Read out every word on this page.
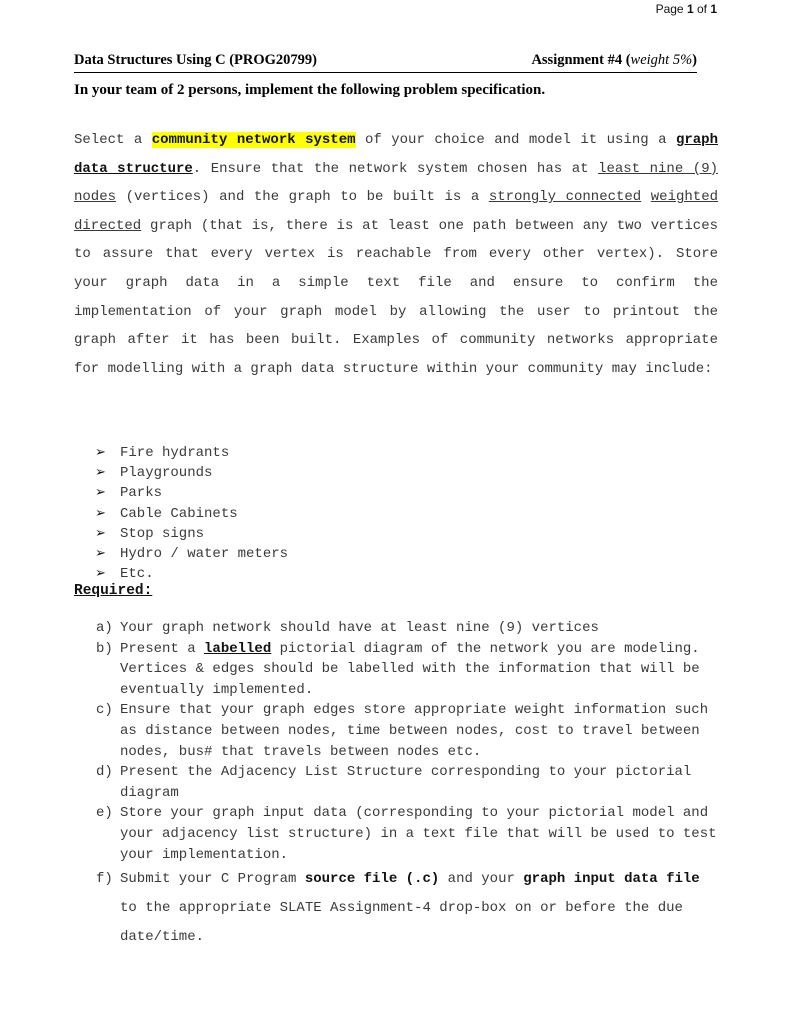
Page 1 of 1
Data Structures Using C (PROG20799)	Assignment #4 (weight 5%)
In your team of 2 persons, implement the following problem specification.
Select a community network system of your choice and model it using a graph data structure. Ensure that the network system chosen has at least nine (9) nodes (vertices) and the graph to be built is a strongly connected weighted directed graph (that is, there is at least one path between any two vertices to assure that every vertex is reachable from every other vertex). Store your graph data in a simple text file and ensure to confirm the implementation of your graph model by allowing the user to printout the graph after it has been built. Examples of community networks appropriate for modelling with a graph data structure within your community may include:
➢ Fire hydrants
➢ Playgrounds
➢ Parks
➢ Cable Cabinets
➢ Stop signs
➢ Hydro / water meters
➢ Etc.
Required:
a) Your graph network should have at least nine (9) vertices
b) Present a labelled pictorial diagram of the network you are modeling. Vertices & edges should be labelled with the information that will be eventually implemented.
c) Ensure that your graph edges store appropriate weight information such as distance between nodes, time between nodes, cost to travel between nodes, bus# that travels between nodes etc.
d) Present the Adjacency List Structure corresponding to your pictorial diagram
e) Store your graph input data (corresponding to your pictorial model and your adjacency list structure) in a text file that will be used to test your implementation.
f) Submit your C Program source file (.c) and your graph input data file to the appropriate SLATE Assignment-4 drop-box on or before the due date/time.
